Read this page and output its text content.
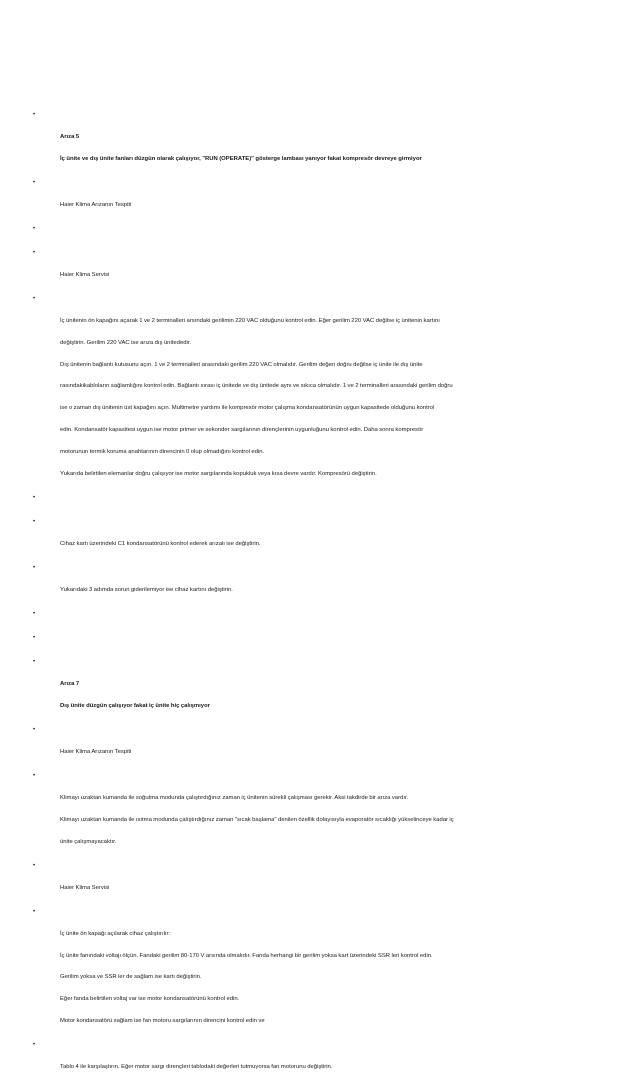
•

Arıza 5

İç ünite ve dış ünite fanları düzgün olarak çalışıyor, "RUN (OPERATE)" gösterge lambası yanıyor fakat kompresör devreye girmiyor

•

Haier Klima Arızanın Tespiti

•

•

Haier Klima Servisi

•

İç ünitenin ön kapağını açarak 1 ve 2 terminalleri arsındaki gerilimin 220 VAC olduğunu kontrol edin. Eğer gerilim 220 VAC değilse iç ünitenin kartını

değiştirin. Gerilim 220 VAC ise arıza dış ünitededir.

Dış ünitenin bağlantı kutusunu açın. 1 ve 2 terminalleri arasındaki gerilim 220 VAC olmalıdır. Gerilim değeri doğru değilse iç ünite ile dış ünite

rasındakikabloların sağlamlığını kontrol edin. Bağlantı sırası iç ünitede ve dış ünitede aynı ve sıkıca olmalıdır. 1 ve 2 terminalleri arasındaki gerilim doğru

ise o zaman dış ünitenin üst kapağını açın. Multimetre yardımı ile kompresör motor çalışma kondansatörünün uygun kapasitede olduğunu kontrol

edin. Kondansatör kapasitesi uygun ise motor primer ve sekonder sargılarının dirençlerinin uygunluğunu kontrol edin. Daha sonra kompresör

motorunun termik koruma anahtarının direncinin 0 olup olmadığını kontrol edin.

Yukarıda belirtilen elemanlar doğru çalışıyor ise motor sargılarında kopukluk veya kısa devre vardır. Kompresörü değiştirin.

•

•

Cihaz kartı üzerindeki C1 kondansatörünü kontrol ederek arızalı ise değiştirin.

•

Yukarıdaki 3 adımda sorun giderilemiyor ise cihaz kartını değiştirin.

•

•

•

Arıza 7

Dış ünite düzgün çalışıyor fakat iç ünite hiç çalışmıyor

•

Haier Klima Arızanın Tespiti

•

Klimayı uzaktan kumanda ile soğutma modunda çalıştırdığınız zaman iç ünitenin sürekli çalışması gerekir. Aksi takdirde bir arıza vardır.

Klimayı uzaktan kumanda ile ısıtma modunda çalıştırdığınız zaman "sıcak başlama" denilen özellik dolayısıyla evaporatör sıcaklığı yükselinceye kadar iç

ünite çalışmayacaktır.

•

Haier Klima Servisi

•

İç ünite ön kapağı açılarak cihaz çalıştırılır:

İç ünite fanındaki voltajı ölçün. Fandaki gerilim 80-170 V arsında olmalıdır. Fanda herhangi bir gerilim yoksa kart üzerindeki SSR leri kontrol edin.

Gerilim yoksa ve SSR ler de sağlam ise kartı değiştirin.

Eğer fanda belirtilen voltaj var ise motor kondansatörünü kontrol edin.

Motor kondansatörü sağlam ise fan motoru sargılarının direncini kontrol edin ve

•

Tablo 4 ile karşılaştırın. Eğer motor sargı dirençleri tablodaki değerleri tutmuyorsa fan motorunu değiştirin.
